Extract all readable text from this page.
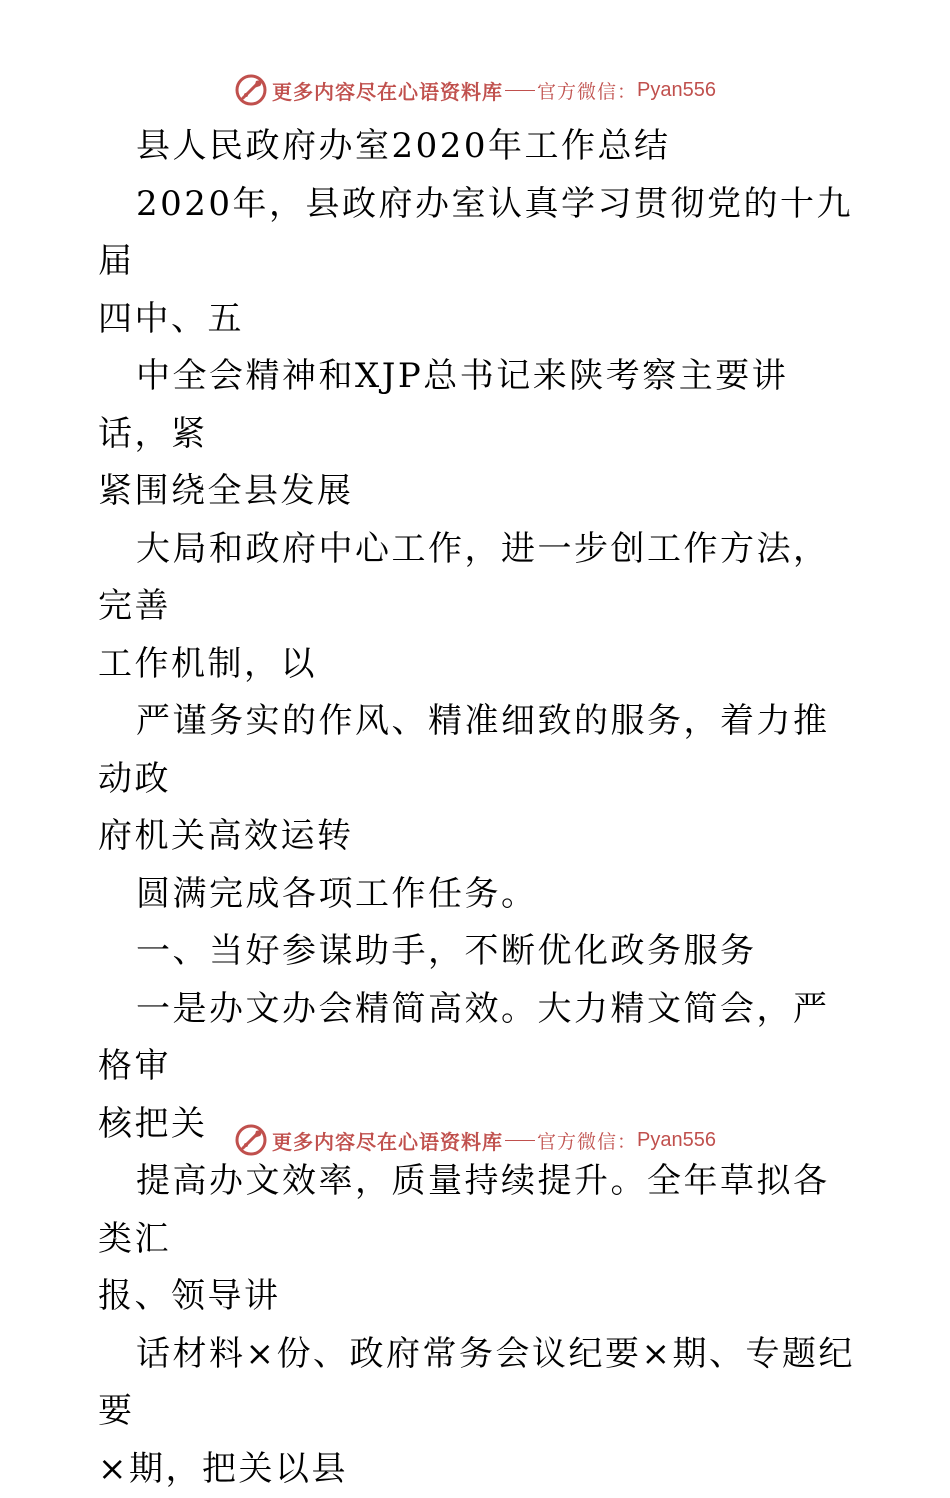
更多内容尽在心语资料库 官方微信： Pyan556

县人民政府办室2020年工作总结

2020年，县政府办室认真学习贯彻党的十九届
四中、五

中全会精神和XJP总书记来陕考察主要讲话，紧
紧围绕全县发展

大局和政府中心工作，进一步创工作方法，完善
工作机制，以

严谨务实的作风、精准细致的服务，着力推动政
府机关高效运转

圆满完成各项工作任务。

一、当好参谋助手，不断优化政务服务

一是办文办会精简高效。大力精文简会，严格审
核把关

提高办文效率，质量持续提升。全年草拟各类汇
报、领导讲

话材料×份、政府常务会议纪要×期、专题纪要
×期，把关以县

更多内容尽在心语资料库 官方微信： Pyan556
